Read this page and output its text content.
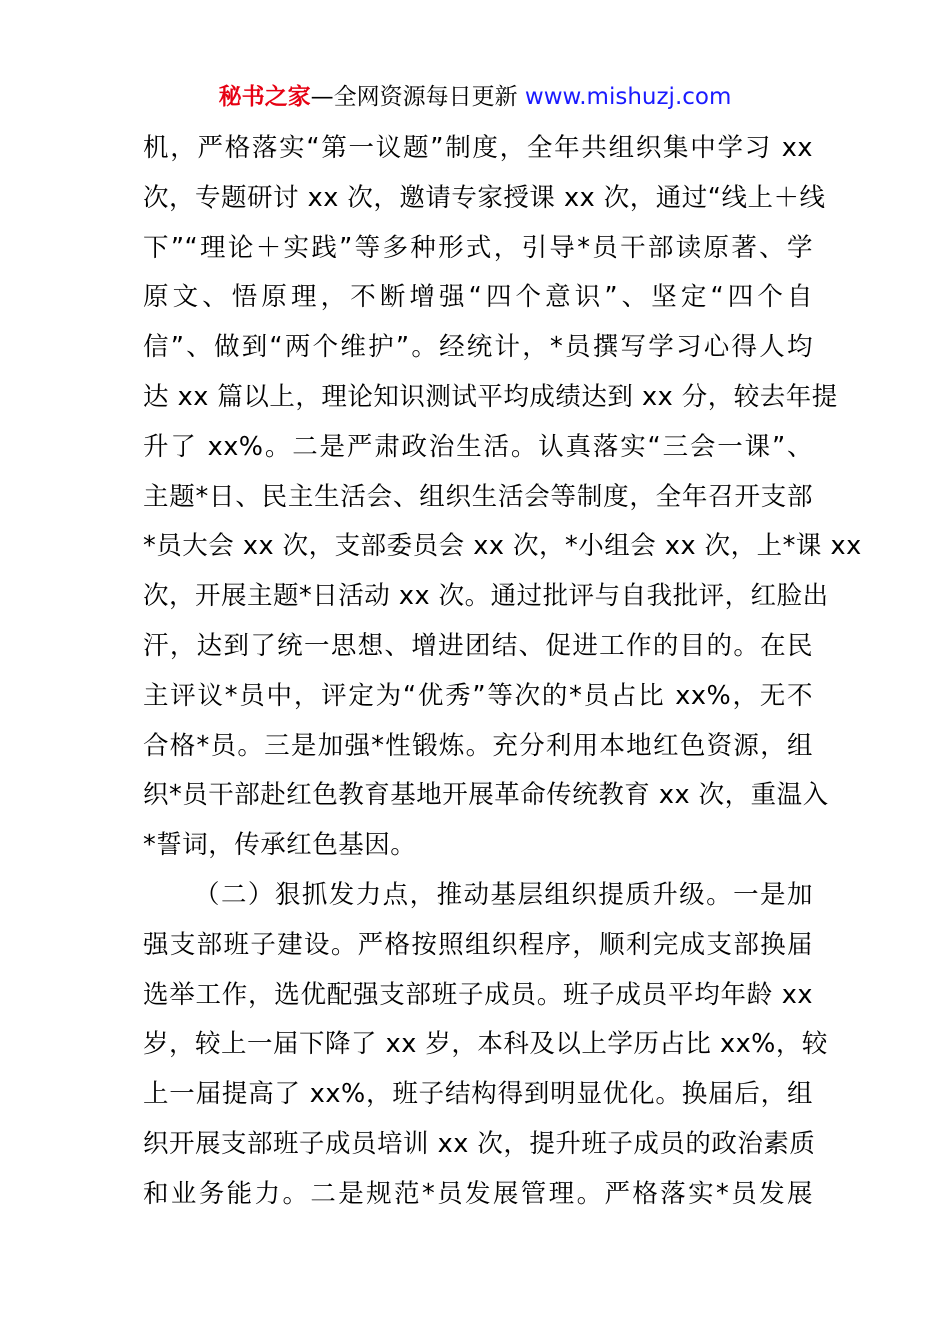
秘书之家—全网资源每日更新 www.mishuzj.com
机，严格落实“第一议题”制度，全年共组织集中学习 xx
次，专题研讨 xx 次，邀请专家授课 xx 次，通过“线上＋线
下”“理论＋实践”等多种形式，引导*员干部读原著、学
原文、悟原理，不断增强“四个意识”、坚定“四个自
信”、做到“两个维护”。经统计，*员撰写学习心得人均
达 xx 篇以上，理论知识测试平均成绩达到 xx 分，较去年提
升了 xx%。二是严肃政治生活。认真落实“三会一课”、
主题*日、民主生活会、组织生活会等制度，全年召开支部
*员大会 xx 次，支部委员会 xx 次，*小组会 xx 次，上*课 xx
次，开展主题*日活动 xx 次。通过批评与自我批评，红脸出
汗，达到了统一思想、增进团结、促进工作的目的。在民
主评议*员中，评定为“优秀”等次的*员占比 xx%，无不
合格*员。三是加强*性锻炼。充分利用本地红色资源，组
织*员干部赴红色教育基地开展革命传统教育 xx 次，重温入
*誓词，传承红色基因。
（二）狠抓发力点，推动基层组织提质升级。一是加
强支部班子建设。严格按照组织程序，顺利完成支部换届
选举工作，选优配强支部班子成员。班子成员平均年龄 xx
岁，较上一届下降了 xx 岁，本科及以上学历占比 xx%，较
上一届提高了 xx%，班子结构得到明显优化。换届后，组
织开展支部班子成员培训 xx 次，提升班子成员的政治素质
和业务能力。二是规范*员发展管理。严格落实*员发展
